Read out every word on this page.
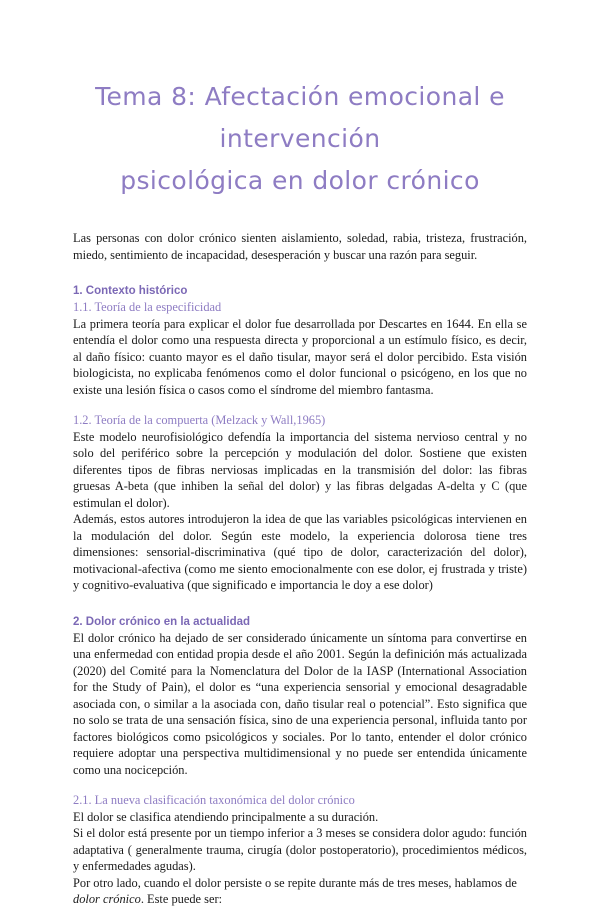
Tema 8: Afectación emocional e intervención
psicológica en dolor crónico

Las personas con dolor crónico sienten aislamiento, soledad, rabia, tristeza, frustración, miedo, sentimiento de incapacidad, desesperación y buscar una razón para seguir.

1. Contexto histórico
1.1. Teoría de la especificidad

La primera teoría para explicar el dolor fue desarrollada por Descartes en 1644. En ella se entendía el dolor como una respuesta directa y proporcional a un estímulo físico, es decir, al daño físico: cuanto mayor es el daño tisular, mayor será el dolor percibido. Esta visión biologicista, no explicaba fenómenos como el dolor funcional o psicógeno, en los que no existe una lesión física o casos como el síndrome del miembro fantasma.

1.2. Teoría de la compuerta (Melzack y Wall,1965)

Este modelo neurofisiológico defendía la importancia del sistema nervioso central y no solo del periférico sobre la percepción y modulación del dolor. Sostiene que existen diferentes tipos de fibras nerviosas implicadas en la transmisión del dolor: las fibras gruesas A-beta (que inhiben la señal del dolor) y las fibras delgadas A-delta y C (que estimulan el dolor).

Además, estos autores introdujeron la idea de que las variables psicológicas intervienen en la modulación del dolor. Según este modelo, la experiencia dolorosa tiene tres dimensiones: sensorial-discriminativa (qué tipo de dolor, caracterización del dolor), motivacional-afectiva (como me siento emocionalmente con ese dolor, ej frustrada y triste) y cognitivo-evaluativa (que significado e importancia le doy a ese dolor)

2. Dolor crónico en la actualidad

El dolor crónico ha dejado de ser considerado únicamente un síntoma para convertirse en una enfermedad con entidad propia desde el año 2001. Según la definición más actualizada (2020) del Comité para la Nomenclatura del Dolor de la IASP (International Association for the Study of Pain), el dolor es “una experiencia sensorial y emocional desagradable asociada con, o similar a la asociada con, daño tisular real o potencial”. Esto significa que no solo se trata de una sensación física, sino de una experiencia personal, influida tanto por factores biológicos como psicológicos y sociales. Por lo tanto, entender el dolor crónico requiere adoptar una perspectiva multidimensional y no puede ser entendida únicamente como una nocicepción.

2.1. La nueva clasificación taxonómica del dolor crónico

El dolor se clasifica atendiendo principalmente a su duración.

Si el dolor está presente por un tiempo inferior a 3 meses se considera dolor agudo: función adaptativa ( generalmente trauma, cirugía (dolor postoperatorio), procedimientos médicos, y enfermedades agudas).

Por otro lado, cuando el dolor persiste o se repite durante más de tres meses, hablamos de
dolor crónico. Este puede ser:
